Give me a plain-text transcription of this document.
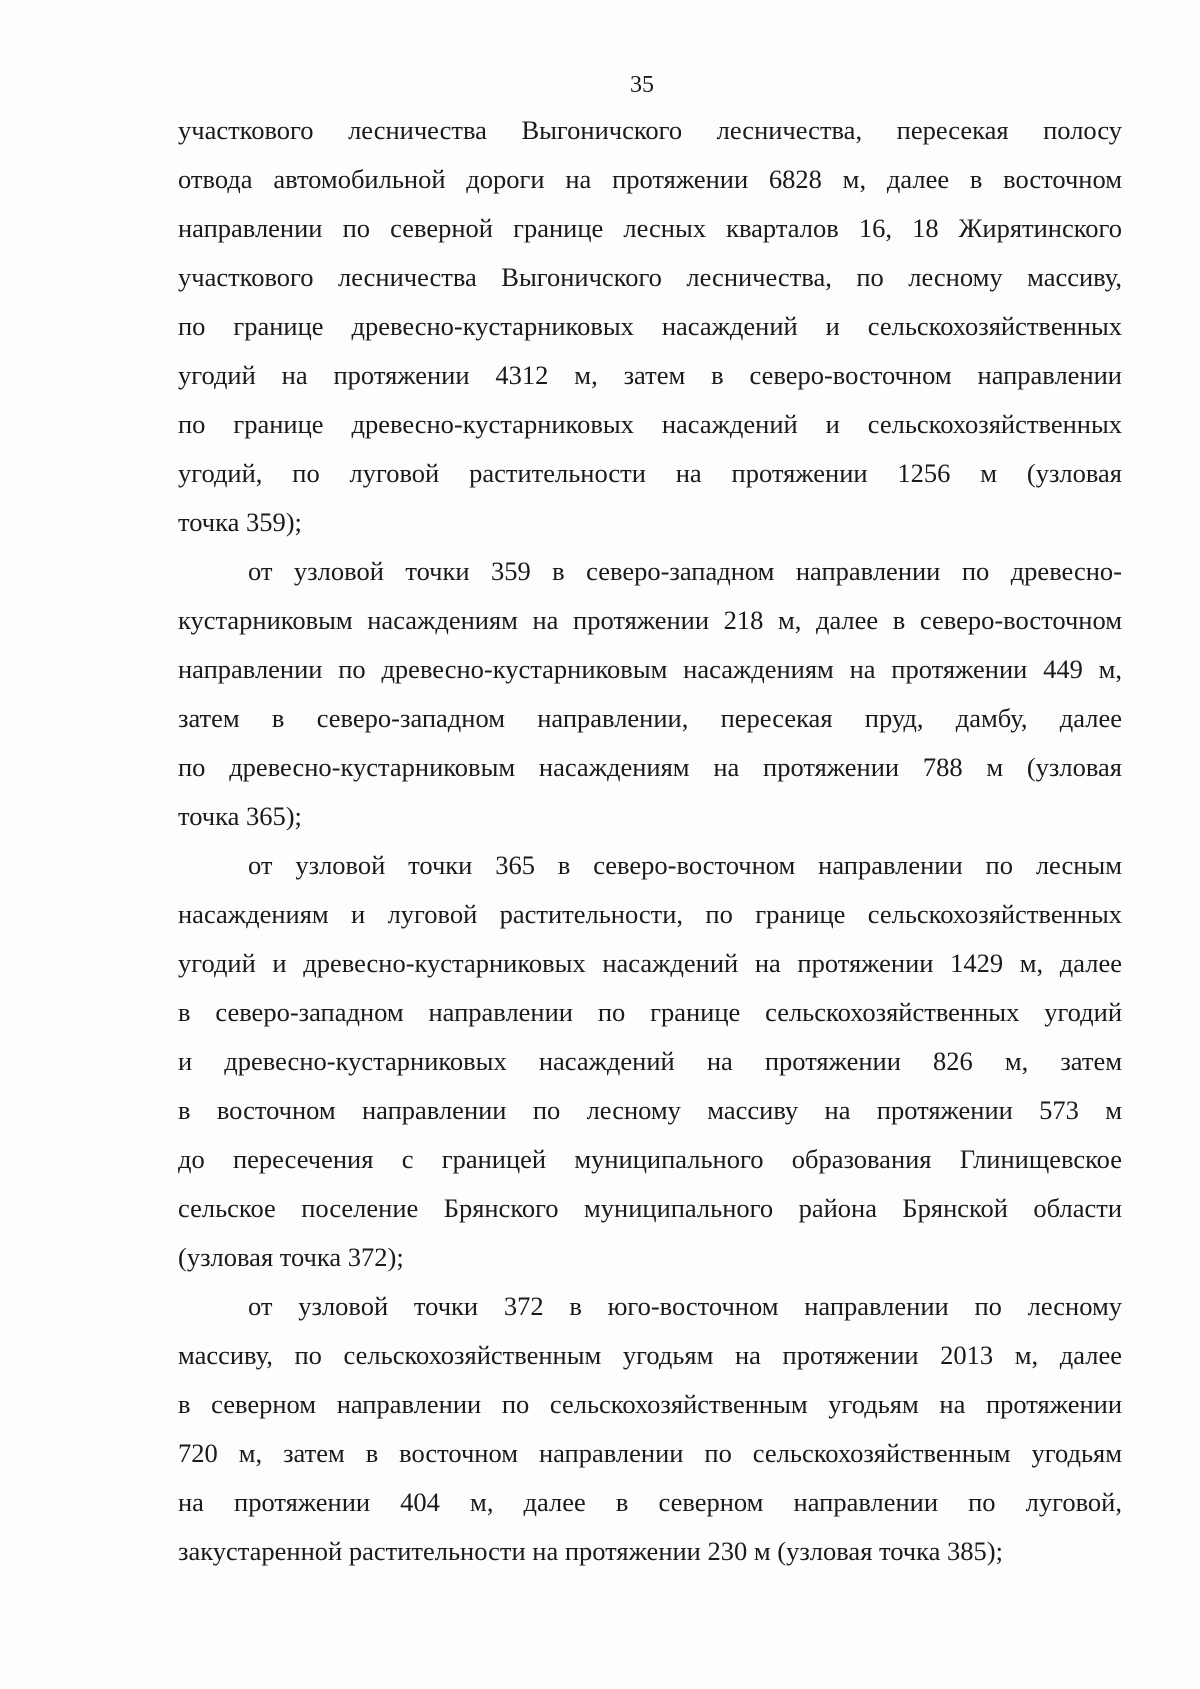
35
участкового лесничества Выгоничского лесничества, пересекая полосу
отвода автомобильной дороги на протяжении 6828 м, далее в восточном
направлении по северной границе лесных кварталов 16, 18 Жирятинского
участкового лесничества Выгоничского лесничества, по лесному массиву,
по границе древесно-кустарниковых насаждений и сельскохозяйственных
угодий на протяжении 4312 м, затем в северо-восточном направлении
по границе древесно-кустарниковых насаждений и сельскохозяйственных
угодий, по луговой растительности на протяжении 1256 м (узловая
точка 359);
от узловой точки 359 в северо-западном направлении по древесно-
кустарниковым насаждениям на протяжении 218 м, далее в северо-восточном
направлении по древесно-кустарниковым насаждениям на протяжении 449 м,
затем в северо-западном направлении, пересекая пруд, дамбу, далее
по древесно-кустарниковым насаждениям на протяжении 788 м (узловая
точка 365);
от узловой точки 365 в северо-восточном направлении по лесным
насаждениям и луговой растительности, по границе сельскохозяйственных
угодий и древесно-кустарниковых насаждений на протяжении 1429 м, далее
в северо-западном направлении по границе сельскохозяйственных угодий
и древесно-кустарниковых насаждений на протяжении 826 м, затем
в восточном направлении по лесному массиву на протяжении 573 м
до пересечения с границей муниципального образования Глинищевское
сельское поселение Брянского муниципального района Брянской области
(узловая точка 372);
от узловой точки 372 в юго-восточном направлении по лесному
массиву, по сельскохозяйственным угодьям на протяжении 2013 м, далее
в северном направлении по сельскохозяйственным угодьям на протяжении
720 м, затем в восточном направлении по сельскохозяйственным угодьям
на протяжении 404 м, далее в северном направлении по луговой,
закустаренной растительности на протяжении 230 м (узловая точка 385);
